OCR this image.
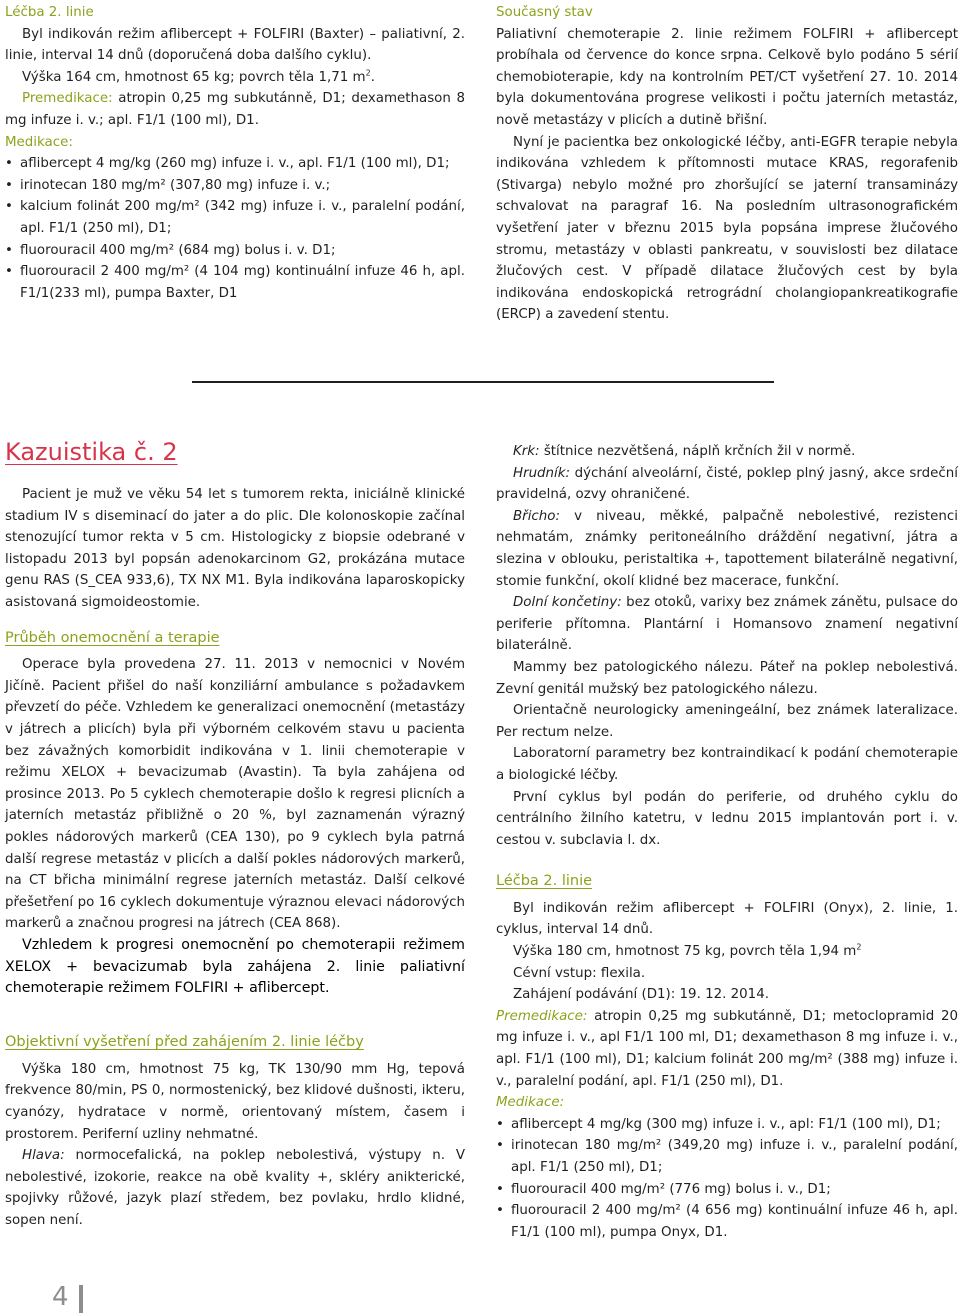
Léčba 2. linie

Byl indikován režim aflibercept + FOLFIRI (Baxter) – paliativní, 2. linie, interval 14 dnů (doporučená doba dalšího cyklu).

Výška 164 cm, hmotnost 65 kg; povrch těla 1,71 $m^2$.

Premedikace: atropin 0,25 mg subkutánně, D1; dexamethason 8 mg infuze i. v.; apl. F1/1 (100 ml), D1.

Medikace:
• aflibercept 4 mg/kg (260 mg) infuze i. v., apl. F1/1 (100 ml), D1;
• irinotecan 180 mg/m² (307,80 mg) infuze i. v.;
• kalcium folinát 200 mg/m² (342 mg) infuze i. v., paralelní podání, apl. F1/1 (250 ml), D1;
• fluorouracil 400 mg/m² (684 mg) bolus i. v. D1;
• fluorouracil 2 400 mg/m² (4 104 mg) kontinuální infuze 46 h, apl. F1/1(233 ml), pumpa Baxter, D1
Současný stav

Paliativní chemoterapie 2. linie režimem FOLFIRI + aflibercept probíhala od července do konce srpna. Celkově bylo podáno 5 sérií chemobioterapie, kdy na kontrolním PET/CT vyšetření 27. 10. 2014 byla dokumentována progrese velikosti i počtu jaterních metastáz, nově metastázy v plicích a dutině břišní.

Nyní je pacientka bez onkologické léčby, anti-EGFR terapie nebyla indikována vzhledem k přítomnosti mutace KRAS, regorafenib (Stivarga) nebylo možné pro zhoršující se jaterní transaminázy schvalovat na paragraf 16. Na posledním ultrasonografickém vyšetření jater v březnu 2015 byla popsána imprese žlučového stromu, metastázy v oblasti pankreatu, v souvislosti bez dilatace žlučových cest. V případě dilatace žlučových cest by byla indikována endoskopická retrográdní cholangiopankreatikografie (ERCP) a zavedení stentu.

Kazuistika č. 2

Pacient je muž ve věku 54 let s tumorem rekta, iniciálně klinické stadium IV s diseminací do jater a do plic. Dle kolonoskopie začínal stenozující tumor rekta v 5 cm. Histologicky z biopsie odebrané v listopadu 2013 byl popsán adenokarcinom G2, prokázána mutace genu RAS (S_CEA 933,6), TX NX M1. Byla indikována laparoskopicky asistovaná sigmoideostomie.

Průběh onemocnění a terapie

Operace byla provedena 27. 11. 2013 v nemocnici v Novém Jičíně. Pacient přišel do naší konziliární ambulance s požadavkem převzetí do péče. Vzhledem ke generalizaci onemocnění (metastázy v játrech a plicích) byla při výborném celkovém stavu u pacienta bez závažných komorbidit indikována v 1. linii chemoterapie v režimu XELOX + bevacizumab (Avastin). Ta byla zahájena od prosince 2013. Po 5 cyklech chemoterapie došlo k regresi plicních a jaterních metastáz přibližně o 20 %, byl zaznamenán výrazný pokles nádorových markerů (CEA 130), po 9 cyklech byla patrná další regrese metastáz v plicích a další pokles nádorových markerů, na CT břicha minimální regrese jaterních metastáz. Další celkové přešetření po 16 cyklech dokumentuje výraznou elevaci nádorových markerů a značnou progresi na játrech (CEA 868).

Vzhledem k progresi onemocnění po chemoterapii režimem XELOX + bevacizumab byla zahájena 2. linie paliativní chemoterapie režimem FOLFIRI + aflibercept.

Objektivní vyšetření před zahájením 2. linie léčby

Výška 180 cm, hmotnost 75 kg, TK 130/90 mm Hg, tepová frekvence 80/min, PS 0, normostenický, bez klidové dušnosti, ikteru, cyanózy, hydratace v normě, orientovaný místem, časem i prostorem. Periferní uzliny nehmatné.

Hlava: normocefalická, na poklep nebolestivá, výstupy n. V nebolestivé, izokorie, reakce na obě kvality +, skléry anikterické, spojivky růžové, jazyk plazí středem, bez povlaku, hrdlo klidné, sopen nenı́.

Krk: štítnice nezvětšená, náplň krčních žil v normě.

Hrudník: dýchání alveolární, čisté, poklep plný jasný, akce srdeční pravidelná, ozvy ohraničené.

Břicho: v niveau, měkké, palpačně nebolestivé, rezistenci nehmatám, známky peritoneálního dráždění negativní, játra a slezina v oblouku, peristaltika +, tapottement bilaterálně negativní, stomie funkční, okolí klidné bez macerace, funkční.

Dolní končetiny: bez otoků, varixy bez známek zánětu, pulsace do periferie přítomna. Plantární i Homansovo znamení negativní bilaterálně.

Mammy bez patologického nálezu. Páteř na poklep nebolestivá. Zevní genitál mužský bez patologického nálezu.

Orientačně neurologicky ameningeální, bez známek lateralizace. Per rectum nelze.

Laboratorní parametry bez kontraindikací k podání chemoterapie a biologické léčby.

První cyklus byl podán do periferie, od druhého cyklu do centrálního žilního katetru, v lednu 2015 implantován port i. v. cestou v. subclavia l. dx.

Léčba 2. linie

Byl indikován režim aflibercept + FOLFIRI (Onyx), 2. linie, 1. cyklus, interval 14 dnů.

Výška 180 cm, hmotnost 75 kg, povrch těla 1,94 $m^2$

Cévní vstup: flexila.

Zahájení podávání (D1): 19. 12. 2014.

Premedikace: atropin 0,25 mg subkutánně, D1; metoclopramid 20 mg infuze i. v., apl F1/1 100 ml, D1; dexamethason 8 mg infuze i. v., apl. F1/1 (100 ml), D1; kalcium folinát 200 mg/m² (388 mg) infuze i. v., paralelní podání, apl. F1/1 (250 ml), D1.

Medikace:
• aflibercept 4 mg/kg (300 mg) infuze i. v., apl: F1/1 (100 ml), D1;
• irinotecan 180 mg/m² (349,20 mg) infuze i. v., paralelní podání, apl. F1/1 (250 ml), D1;
• fluorouracil 400 mg/m² (776 mg) bolus i. v., D1;
• fluorouracil 2 400 mg/m² (4 656 mg) kontinuální infuze 46 h, apl. F1/1 (100 ml), pumpa Onyx, D1.
4
